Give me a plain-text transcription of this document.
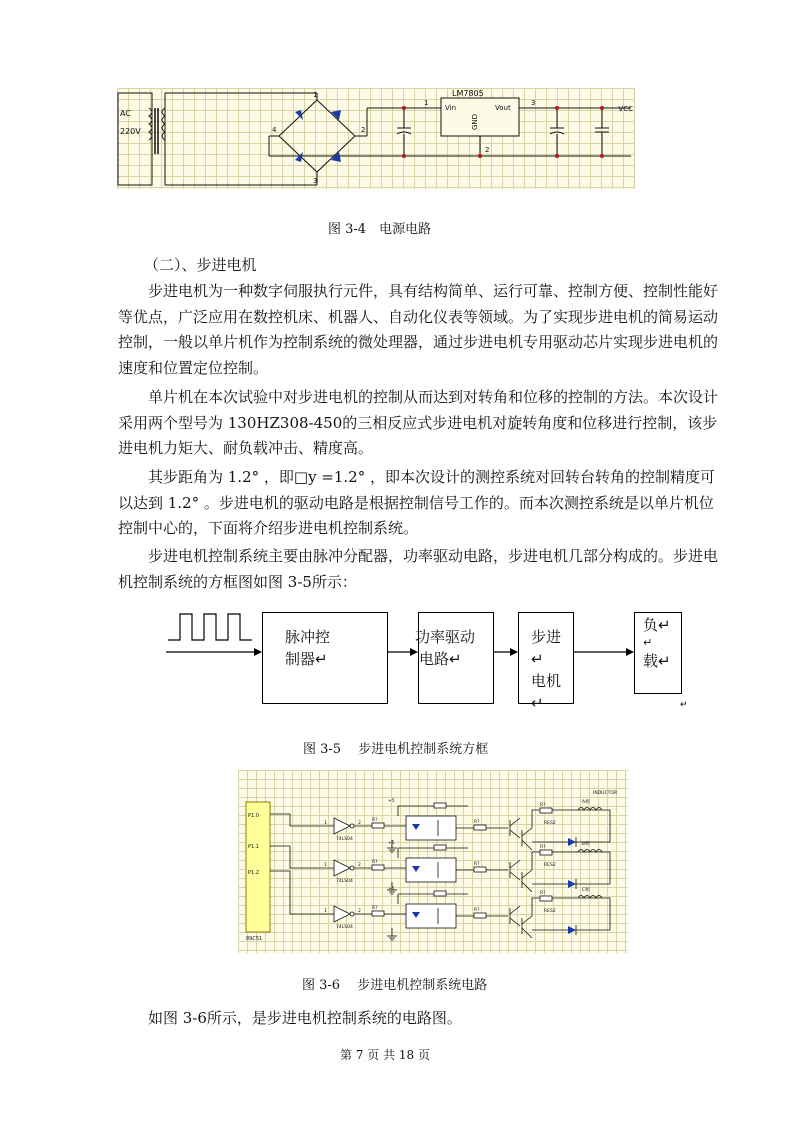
AC
220V
LM7805
Vin	Vout
GND
VCC
1
2
3
4
1	3
2
图 3-4　电源电路
（二）、步进电机

步进电机为一种数字伺服执行元件，具有结构简单、运行可靠、控制方便、控制性能好等优点，广泛应用在数控机床、机器人、自动化仪表等领域。为了实现步进电机的简易运动控制，一般以单片机作为控制系统的微处理器，通过步进电机专用驱动芯片实现步进电机的速度和位置定位控制。

单片机在本次试验中对步进电机的控制从而达到对转角和位移的控制的方法。本次设计采用两个型号为 130HZ308-450的三相反应式步进电机对旋转角度和位移进行控制，该步进电机力矩大、耐负载冲击、精度高。

其步距角为 1.2° ，即□y =1.2° ，即本次设计的测控系统对回转台转角的控制精度可以达到 1.2° 。步进电机的驱动电路是根据控制信号工作的。而本次测控系统是以单片机位控制中心的，下面将介绍步进电机控制系统。

步进电机控制系统主要由脉冲分配器，功率驱动电路，步进电机几部分构成的。步进电机控制系统的方框图如图 3-5所示：

↵
脉冲控
制器↵
功率驱动
电路↵
步进↵
电机↵
负↵
↵
载↵
图 3-5　 步进电机控制系统方框
P1.0
P1.1
P1.2
89C51
74LS04
1	2
R?
+5
R?
R?
A相
RES2
74LS04
1	2
R?
+5
R?
R?
B相
RES2
74LS04
1	2
R?
+5
R?
R?
C相
RES2
INDUCTOR
图 3-6　 步进电机控制系统电路

如图 3-6所示，是步进电机控制系统的电路图。

第 7 页 共 18 页
